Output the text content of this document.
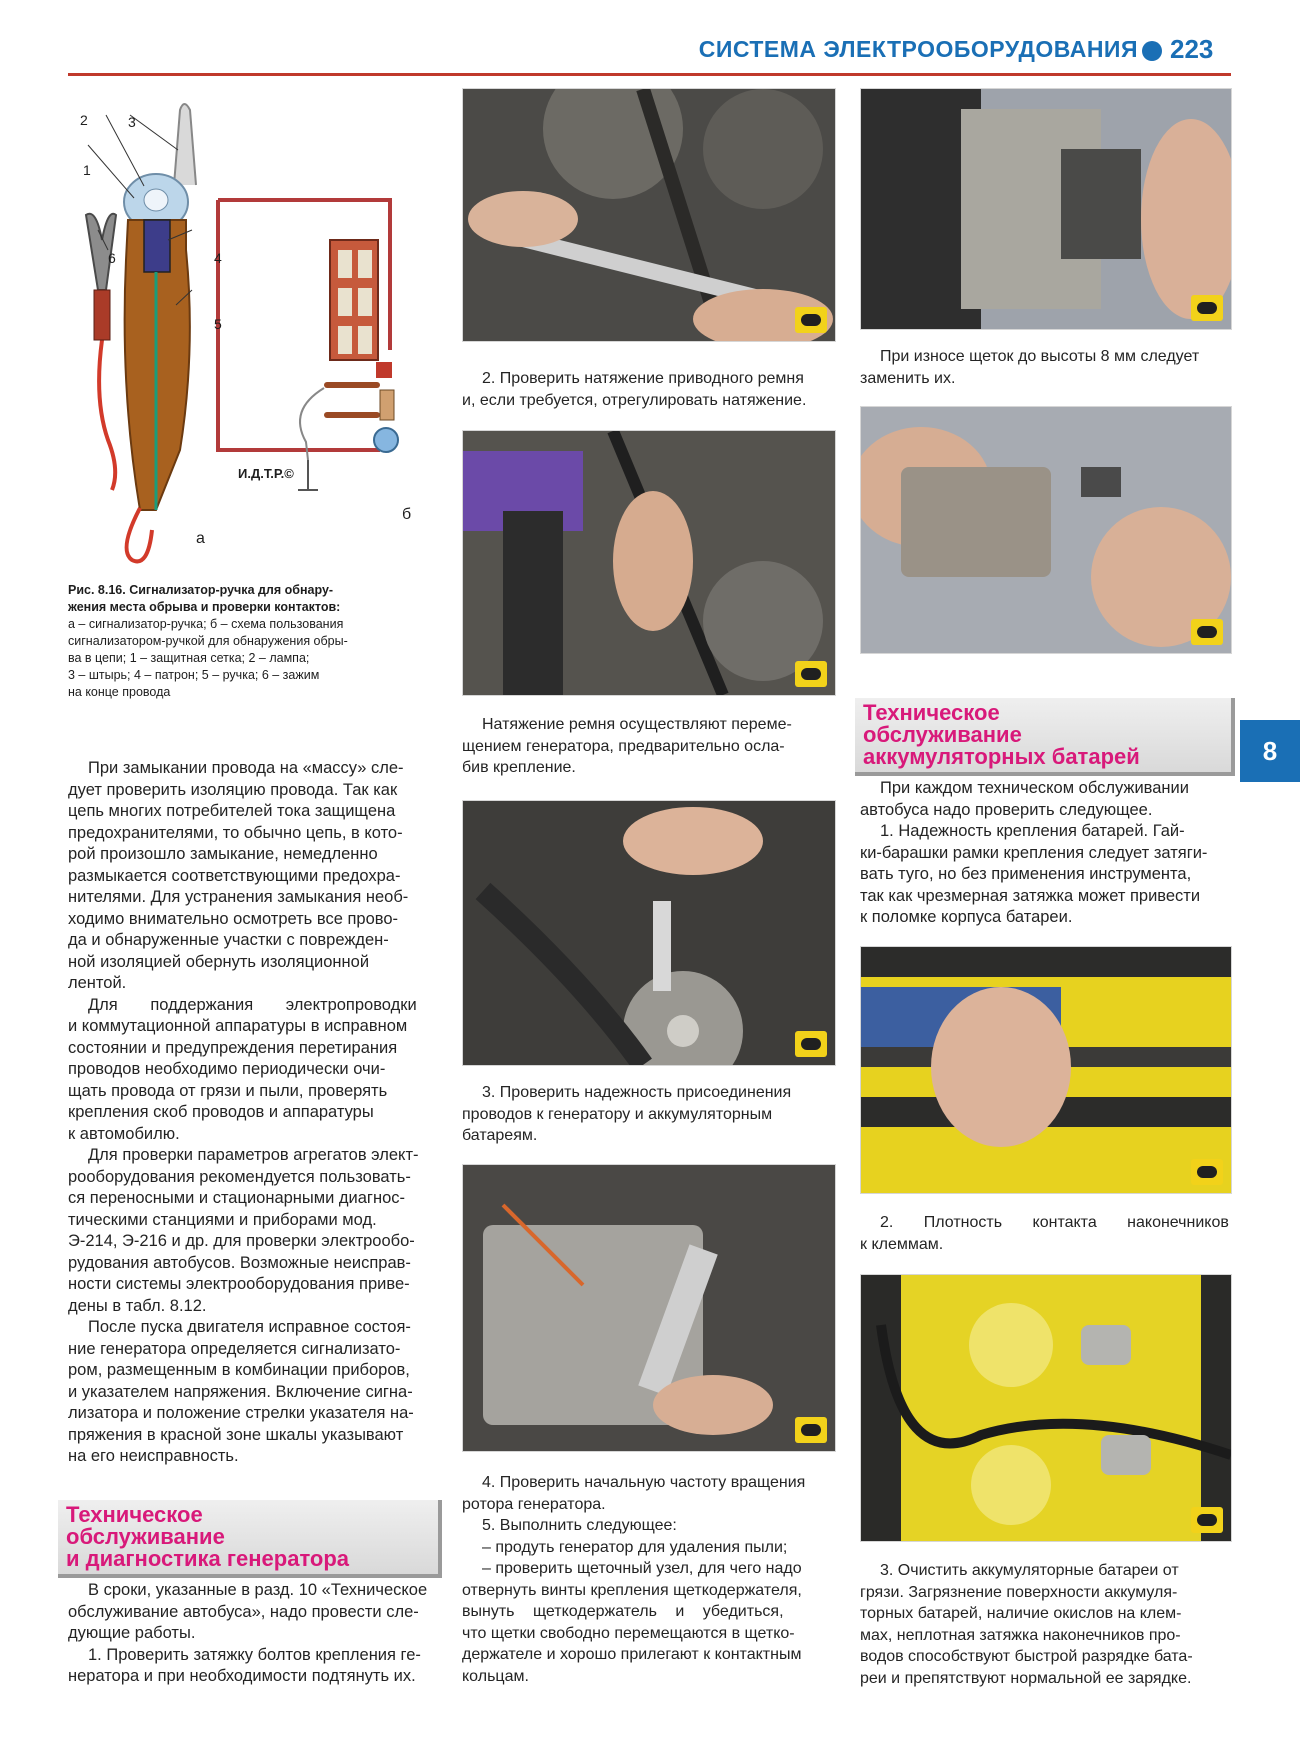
СИСТЕМА ЭЛЕКТРООБОРУДОВАНИЯ 223
8
1
2	3
4
5
6
а
б
И.Д.Т.Р.©
Рис. 8.16. Сигнализатор-ручка для обнару-
жения места обрыва и проверки контактов:
а – сигнализатор-ручка; б – схема пользования
сигнализатором-ручкой для обнаружения обры-
ва в цепи; 1 – защитная сетка; 2 – лампа;
3 – штырь; 4 – патрон; 5 – ручка; 6 – зажим
на конце провода
При замыкании провода на «массу» сле-
дует проверить изоляцию провода. Так как
цепь многих потребителей тока защищена
предохранителями, то обычно цепь, в кото-
рой произошло замыкание, немедленно
размыкается соответствующими предохра-
нителями. Для устранения замыкания необ-
ходимо внимательно осмотреть все прово-
да и обнаруженные участки с поврежден-
ной изоляцией обернуть изоляционной
лентой.
Для поддержания электропроводки
и коммутационной аппаратуры в исправном
состоянии и предупреждения перетирания
проводов необходимо периодически очи-
щать провода от грязи и пыли, проверять
крепления скоб проводов и аппаратуры
к автомобилю.
Для проверки параметров агрегатов элект-
рооборудования рекомендуется пользовать-
ся переносными и стационарными диагнос-
тическими станциями и приборами мод.
Э-214, Э-216 и др. для проверки электрообо-
рудования автобусов. Возможные неисправ-
ности системы электрооборудования приве-
дены в табл. 8.12.
После пуска двигателя исправное состоя-
ние генератора определяется сигнализато-
ром, размещенным в комбинации приборов,
и указателем напряжения. Включение сигна-
лизатора и положение стрелки указателя на-
пряжения в красной зоне шкалы указывают
на его неисправность.
Техническое
обслуживание
и диагностика генератора
В сроки, указанные в разд. 10 «Техническое
обслуживание автобуса», надо провести сле-
дующие работы.
1. Проверить затяжку болтов крепления ге-
нератора и при необходимости подтянуть их.
2. Проверить натяжение приводного ремня
и, если требуется, отрегулировать натяжение.
Натяжение ремня осуществляют переме-
щением генератора, предварительно осла-
бив крепление.
3. Проверить надежность присоединения
проводов к генератору и аккумуляторным
батареям.
4. Проверить начальную частоту вращения
ротора генератора.
5. Выполнить следующее:
– продуть генератор для удаления пыли;
– проверить щеточный узел, для чего надо
отвернуть винты крепления щеткодержателя,
вынуть щеткодержатель и убедиться,
что щетки свободно перемещаются в щетко-
держателе и хорошо прилегают к контактным
кольцам.
При износе щеток до высоты 8 мм следует
заменить их.
Техническое
обслуживание
аккумуляторных батарей
При каждом техническом обслуживании
автобуса надо проверить следующее.
1. Надежность крепления батарей. Гай-
ки-барашки рамки крепления следует затяги-
вать туго, но без применения инструмента,
так как чрезмерная затяжка может привести
к поломке корпуса батареи.
2. Плотность контакта наконечников
к клеммам.
3. Очистить аккумуляторные батареи от
грязи. Загрязнение поверхности аккумуля-
торных батарей, наличие окислов на клем-
мах, неплотная затяжка наконечников про-
водов способствуют быстрой разрядке бата-
реи и препятствуют нормальной ее зарядке.
